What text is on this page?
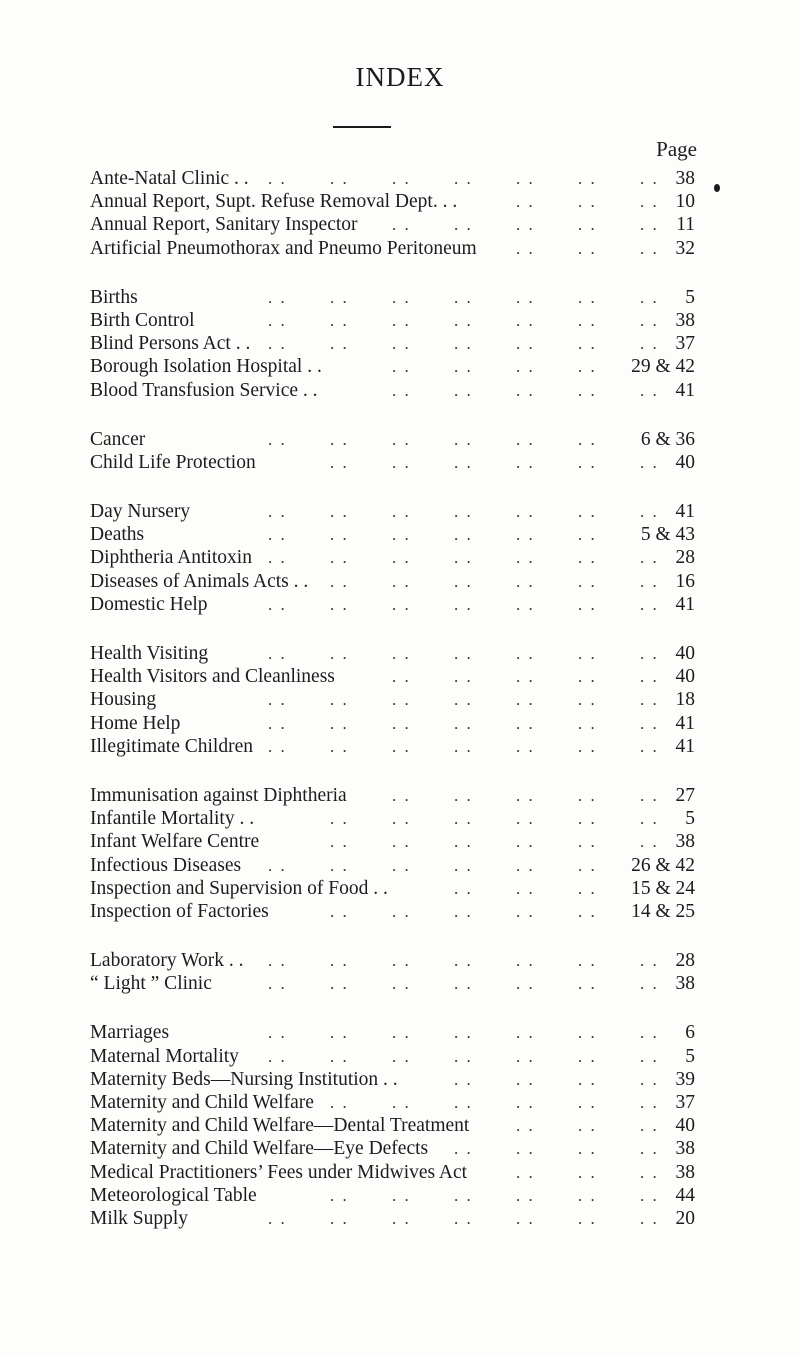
INDEX
Page
Ante-Natal Clinic . .	38
. .	. .	. .	. .	. .	. .	. .
Annual Report, Supt. Refuse Removal Dept. . .	10
. .	. .	. .
Annual Report, Sanitary Inspector	11
. .	. .	. .	. .	. .
Artificial Pneumothorax and Pneumo Peritoneum	32
. .	. .	. .
Births	5
. .	. .	. .	. .	. .	. .	. .
Birth Control	38
. .	. .	. .	. .	. .	. .	. .
Blind Persons Act . .	37
. .	. .	. .	. .	. .	. .	. .
Borough Isolation Hospital . .	29 & 42
. .	. .	. .	. .
Blood Transfusion Service . .	41
. .	. .	. .	. .	. .
Cancer	6 & 36
. .	. .	. .	. .	. .	. .
Child Life Protection	40
. .	. .	. .	. .	. .	. .
Day Nursery	41
. .	. .	. .	. .	. .	. .	. .
Deaths	5 & 43
. .	. .	. .	. .	. .	. .
Diphtheria Antitoxin	28
. .	. .	. .	. .	. .	. .	. .
Diseases of Animals Acts . .	16
. .	. .	. .	. .	. .	. .
Domestic Help	41
. .	. .	. .	. .	. .	. .	. .
Health Visiting	40
. .	. .	. .	. .	. .	. .	. .
Health Visitors and Cleanliness	40
. .	. .	. .	. .	. .
Housing	18
. .	. .	. .	. .	. .	. .	. .
Home Help	41
. .	. .	. .	. .	. .	. .	. .
Illegitimate Children	41
. .	. .	. .	. .	. .	. .	. .
Immunisation against Diphtheria	27
. .	. .	. .	. .	. .
Infantile Mortality . .	5
. .	. .	. .	. .	. .	. .
Infant Welfare Centre	38
. .	. .	. .	. .	. .	. .
Infectious Diseases	26 & 42
. .	. .	. .	. .	. .	. .
Inspection and Supervision of Food . .	15 & 24
. .	. .	. .
Inspection of Factories	14 & 25
. .	. .	. .	. .	. .
Laboratory Work . .	28
. .	. .	. .	. .	. .	. .	. .
“ Light ” Clinic	38
. .	. .	. .	. .	. .	. .	. .
Marriages	6
. .	. .	. .	. .	. .	. .	. .
Maternal Mortality	5
. .	. .	. .	. .	. .	. .	. .
Maternity Beds—Nursing Institution . .	39
. .	. .	. .	. .
Maternity and Child Welfare	37
. .	. .	. .	. .	. .	. .
Maternity and Child Welfare—Dental Treatment	40
. .	. .	. .
Maternity and Child Welfare—Eye Defects	38
. .	. .	. .	. .
Medical Practitioners’ Fees under Midwives Act	38
. .	. .	. .
Meteorological Table	44
. .	. .	. .	. .	. .	. .
Milk Supply	20
. .	. .	. .	. .	. .	. .	. .
